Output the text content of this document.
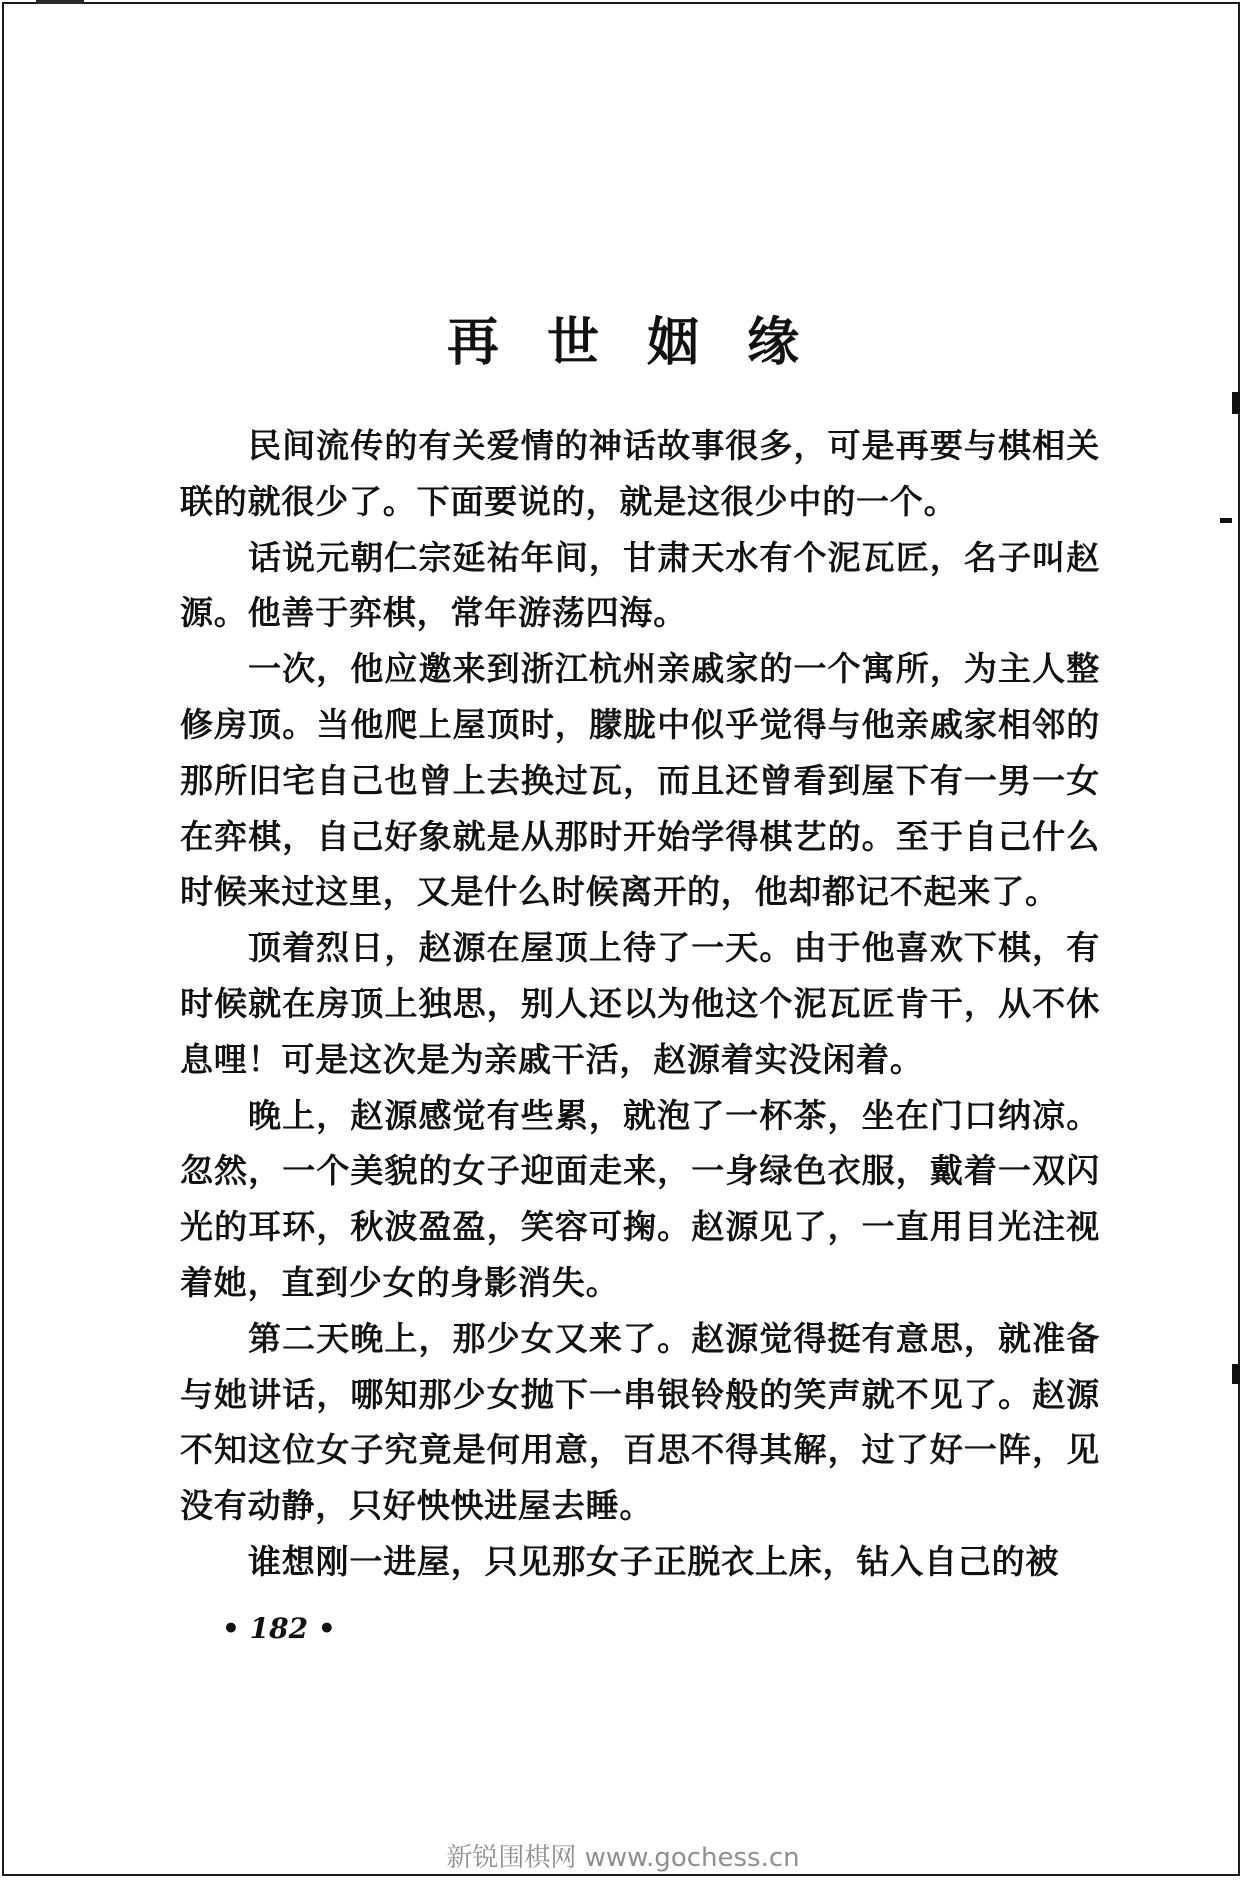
再世姻缘

民间流传的有关爱情的神话故事很多，可是再要与棋相关联的就很少了。下面要说的，就是这很少中的一个。

话说元朝仁宗延祐年间，甘肃天水有个泥瓦匠，名子叫赵源。他善于弈棋，常年游荡四海。

一次，他应邀来到浙江杭州亲戚家的一个寓所，为主人整修房顶。当他爬上屋顶时，朦胧中似乎觉得与他亲戚家相邻的那所旧宅自己也曾上去换过瓦，而且还曾看到屋下有一男一女在弈棋，自己好象就是从那时开始学得棋艺的。至于自己什么时候来过这里，又是什么时候离开的，他却都记不起来了。

顶着烈日，赵源在屋顶上待了一天。由于他喜欢下棋，有时候就在房顶上独思，别人还以为他这个泥瓦匠肯干，从不休息哩！可是这次是为亲戚干活，赵源着实没闲着。

晚上，赵源感觉有些累，就泡了一杯茶，坐在门口纳凉。忽然，一个美貌的女子迎面走来，一身绿色衣服，戴着一双闪光的耳环，秋波盈盈，笑容可掬。赵源见了，一直用目光注视着她，直到少女的身影消失。

第二天晚上，那少女又来了。赵源觉得挺有意思，就准备与她讲话，哪知那少女抛下一串银铃般的笑声就不见了。赵源不知这位女子究竟是何用意，百思不得其解，过了好一阵，见没有动静，只好怏怏进屋去睡。

谁想刚一进屋，只见那女子正脱衣上床，钻入自己的被

• 182 •
新锐围棋网 www.gochess.cn
